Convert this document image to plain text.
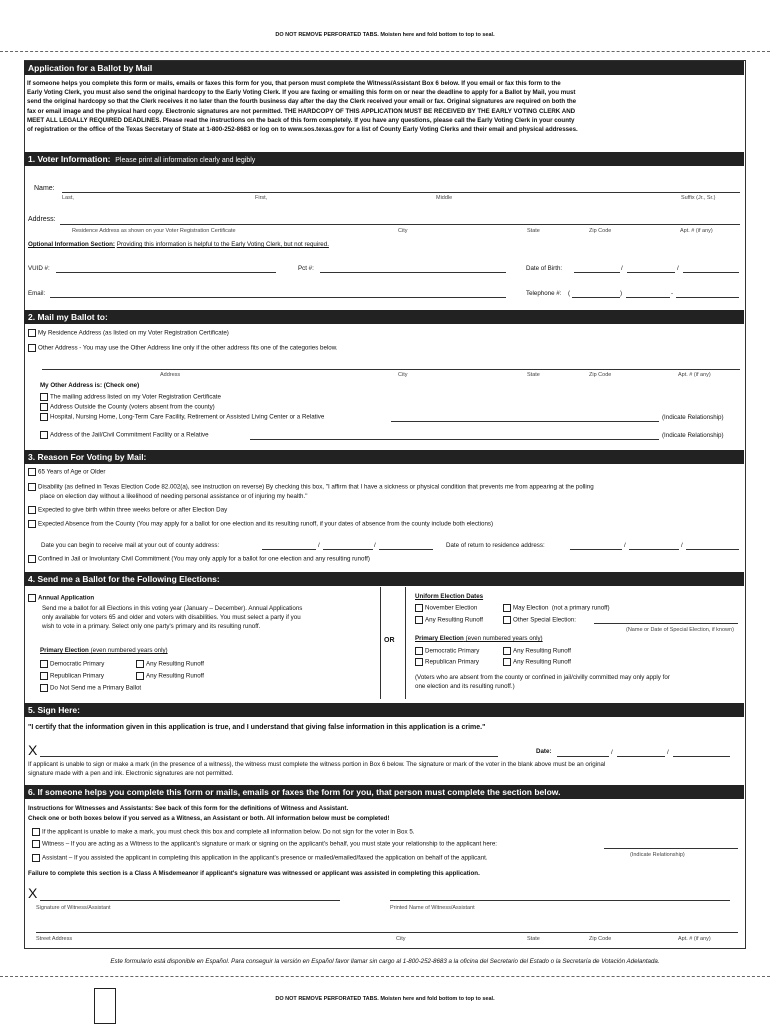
DO NOT REMOVE PERFORATED TABS. Moisten here and fold bottom to top to seal.
Application for a Ballot by Mail
If someone helps you complete this form or mails, emails or faxes this form for you, that person must complete the Witness/Assistant Box 6 below. If you email or fax this form to the
Early Voting Clerk, you must also send the original hardcopy to the Early Voting Clerk. If you are faxing or emailing this form on or near the deadline to apply for a Ballot by Mail, you must
send the original hardcopy so that the Clerk receives it no later than the fourth business day after the day the Clerk received your email or fax. Original signatures are required on both the
fax or email image and the physical hard copy. Electronic signatures are not permitted. THE HARDCOPY OF THIS APPLICATION MUST BE RECEIVED BY THE EARLY VOTING CLERK AND
MEET ALL LEGALLY REQUIRED DEADLINES. Please read the instructions on the back of this form completely. If you have any questions, please call the Early Voting Clerk in your county
of registration or the office of the Texas Secretary of State at 1-800-252-8683 or log on to www.sos.texas.gov for a list of County Early Voting Clerks and their email and physical addresses.
1. Voter Information: Please print all information clearly and legibly
Name:
Last,	First,	Middle	Suffix (Jr., Sr.)
Address:
Residence Address as shown on your Voter Registration Certificate	City	State	Zip Code	Apt. # (if any)
Optional Information Section: Providing this information is helpful to the Early Voting Clerk, but not required.
VUID #:	Pct #:	Date of Birth:	/	/
Email:	Telephone #: (	)	-
2. Mail my Ballot to:
My Residence Address (as listed on my Voter Registration Certificate)
Other Address - You may use the Other Address line only if the other address fits one of the categories below.
Address	City	State	Zip Code	Apt. # (if any)
My Other Address is: (Check one)
The mailing address listed on my Voter Registration Certificate
Address Outside the County (voters absent from the county)
Hospital, Nursing Home, Long-Term Care Facility, Retirement or Assisted Living Center or a Relative	(Indicate Relationship)
Address of the Jail/Civil Commitment Facility or a Relative	(Indicate Relationship)
3. Reason For Voting by Mail:
65 Years of Age or Older
Disability (as defined in Texas Election Code 82.002(a), see instruction on reverse) By checking this box, "I affirm that I have a sickness or physical condition that prevents me from appearing at the polling
place on election day without a likelihood of needing personal assistance or of injuring my health."
Expected to give birth within three weeks before or after Election Day
Expected Absence from the County (You may apply for a ballot for one election and its resulting runoff, if your dates of absence from the county include both elections)
Date you can begin to receive mail at your out of county address:	/	/	Date of return to residence address:	/	/
Confined in Jail or Involuntary Civil Commitment (You may only apply for a ballot for one election and any resulting runoff)
4. Send me a Ballot for the Following Elections:
OR
Annual Application
Send me a ballot for all Elections in this voting year (January – December). Annual Applications
only available for voters 65 and older and voters with disabilities. You must select a party if you
wish to vote in a primary. Select only one party's primary and its resulting runoff.
Primary Election (even numbered years only)
Democratic Primary	Any Resulting Runoff
Republican Primary	Any Resulting Runoff
Do Not Send me a Primary Ballot
Uniform Election Dates
November Election	May Election (not a primary runoff)
Any Resulting Runoff	Other Special Election:
(Name or Date of Special Election, if known)
Primary Election (even numbered years only)
Democratic Primary	Any Resulting Runoff
Republican Primary	Any Resulting Runoff
(Voters who are absent from the county or confined in jail/civilly committed may only apply for
one election and its resulting runoff.)
5. Sign Here:
"I certify that the information given in this application is true, and I understand that giving false information in this application is a crime."
X	Date:	/	/
If applicant is unable to sign or make a mark (in the presence of a witness), the witness must complete the witness portion in Box 6 below. The signature or mark of the voter in the blank above must be an original
signature made with a pen and ink. Electronic signatures are not permitted.
6. If someone helps you complete this form or mails, emails or faxes the form for you, that person must complete the section below.
Instructions for Witnesses and Assistants: See back of this form for the definitions of Witness and Assistant.
Check one or both boxes below if you served as a Witness, an Assistant or both. All information below must be completed!
If the applicant is unable to make a mark, you must check this box and complete all information below. Do not sign for the voter in Box 5.
Witness – If you are acting as a Witness to the applicant's signature or mark or signing on the applicant's behalf, you must state your relationship to the applicant here:
Assistant – If you assisted the applicant in completing this application in the applicant's presence or mailed/emailed/faxed the application on behalf of the applicant.	(Indicate Relationship)
Failure to complete this section is a Class A Misdemeanor if applicant's signature was witnessed or applicant was assisted in completing this application.
X
Signature of Witness/Assistant	Printed Name of Witness/Assistant
Street Address	City	State	Zip Code	Apt. # (if any)
Este formulario está disponible en Español. Para conseguir la versión en Español favor llamar sin cargo al 1-800-252-8683 a la oficina del Secretario del Estado o la Secretaría de Votación Adelantada.
DO NOT REMOVE PERFORATED TABS. Moisten here and fold bottom to top to seal.
